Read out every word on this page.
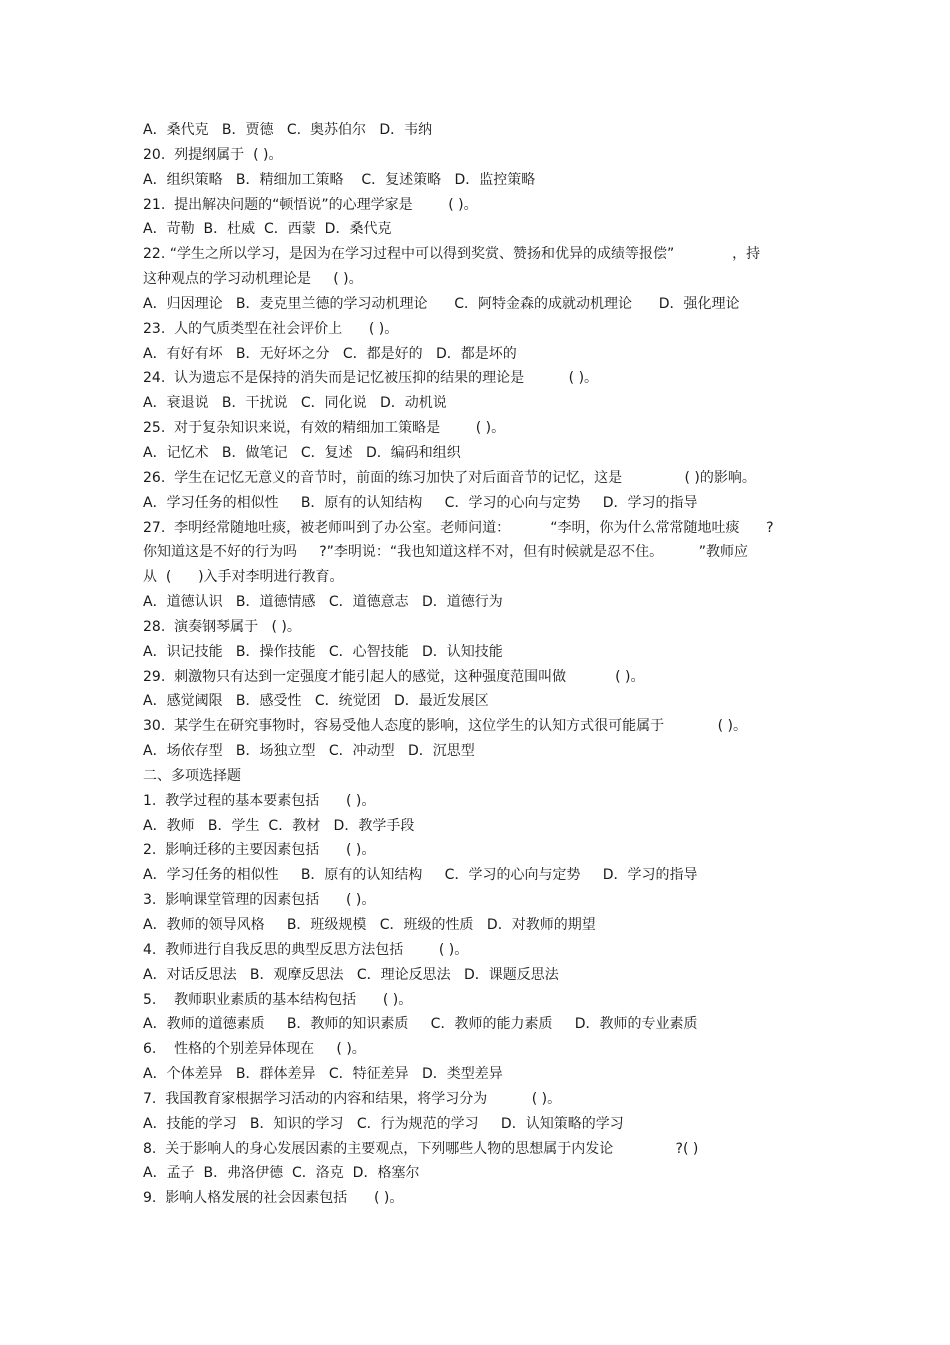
A．桑代克   B．贾德   C.  奥苏伯尔   D．韦纳
20.  列提纲属于  ( )。
A．组织策略   B．精细加工策略    C．复述策略   D．监控策略
21.  提出解决问题的“顿悟说”的心理学家是        ( )。
A．苛勒  B．杜威  C．西蒙  D．桑代克
22. “学生之所以学习，是因为在学习过程中可以得到奖赏、赞扬和优异的成绩等报偿”             ，持
这种观点的学习动机理论是     ( )。
A．归因理论   B．麦克里兰德的学习动机理论      C．阿特金森的成就动机理论      D．强化理论
23.  人的气质类型在社会评价上      ( )。
A．有好有坏   B．无好坏之分   C．都是好的   D．都是坏的
24.  认为遗忘不是保持的消失而是记忆被压抑的结果的理论是          ( )。
A．衰退说   B．干扰说   C．同化说   D．动机说
25.  对于复杂知识来说，有效的精细加工策略是        ( )。
A．记忆术   B．做笔记   C．复述   D．编码和组织
26.  学生在记忆无意义的音节时，前面的练习加快了对后面音节的记忆，这是              ( )的影响。
A．学习任务的相似性     B．原有的认知结构     C．学习的心向与定势     D．学习的指导
27.  李明经常随地吐痰，被老师叫到了办公室。老师问道：         “李明，你为什么常常随地吐痰      ?
你知道这是不好的行为吗     ?”李明说：“我也知道这样不对，但有时候就是忍不住。        ”教师应
从  (      )入手对李明进行教育。
A．道德认识   B．道德情感   C．道德意志   D．道德行为
28.  演奏钢琴属于   ( )。
A．识记技能   B．操作技能   C．心智技能   D．认知技能
29.  刺激物只有达到一定强度才能引起人的感觉，这种强度范围叫做           ( )。
A．感觉阈限   B．感受性   C．统觉团   D．最近发展区
30.  某学生在研究事物时，容易受他人态度的影响，这位学生的认知方式很可能属于            ( )。
A．场依存型   B．场独立型   C．冲动型   D．沉思型
二、多项选择题
1.  教学过程的基本要素包括      ( )。
A．教师   B．学生  C．教材   D．教学手段
2.  影响迁移的主要因素包括      ( )。
A．学习任务的相似性     B．原有的认知结构     C．学习的心向与定势     D．学习的指导
3.  影响课堂管理的因素包括      ( )。
A．教师的领导风格     B．班级规模   C．班级的性质   D．对教师的期望
4.  教师进行自我反思的典型反思方法包括        ( )。
A．对话反思法   B．观摩反思法   C．理论反思法   D．课题反思法
5.    教师职业素质的基本结构包括      ( )。
A．教师的道德素质     B．教师的知识素质     C．教师的能力素质     D．教师的专业素质
6.    性格的个别差异体现在     ( )。
A．个体差异   B．群体差异   C．特征差异   D．类型差异
7.  我国教育家根据学习活动的内容和结果，将学习分为          ( )。
A．技能的学习   B．知识的学习   C．行为规范的学习     D．认知策略的学习
8.  关于影响人的身心发展因素的主要观点，下列哪些人物的思想属于内发论              ?( )
A．孟子  B．弗洛伊德  C．洛克  D．格塞尔
9.  影响人格发展的社会因素包括      ( )。
